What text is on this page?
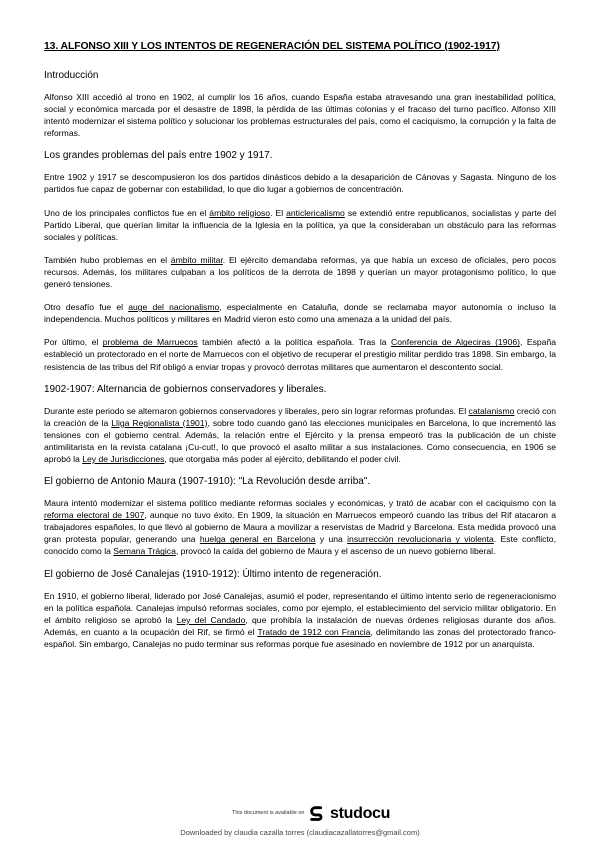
13. ALFONSO XIII Y LOS INTENTOS DE REGENERACIÓN DEL SISTEMA POLÍTICO (1902-1917)

Introducción

Alfonso XIII accedió al trono en 1902, al cumplir los 16 años, cuando España estaba atravesando una gran inestabilidad política, social y económica marcada por el desastre de 1898, la pérdida de las últimas colonias y el fracaso del turno pacífico. Alfonso XIII intentó modernizar el sistema político y solucionar los problemas estructurales del país, como el caciquismo, la corrupción y la falta de reformas.

Los grandes problemas del país entre 1902 y 1917.

Entre 1902 y 1917 se descompusieron los dos partidos dinásticos debido a la desaparición de Cánovas y Sagasta. Ninguno de los partidos fue capaz de gobernar con estabilidad, lo que dio lugar a gobiernos de concentración.

Uno de los principales conflictos fue en el ámbito religioso. El anticlericalismo se extendió entre republicanos, socialistas y parte del Partido Liberal, que querían limitar la influencia de la Iglesia en la política, ya que la consideraban un obstáculo para las reformas sociales y políticas.

También hubo problemas en el ámbito militar. El ejército demandaba reformas, ya que había un exceso de oficiales, pero pocos recursos. Además, los militares culpaban a los políticos de la derrota de 1898 y querían un mayor protagonismo político, lo que generó tensiones.

Otro desafío fue el auge del nacionalismo, especialmente en Cataluña, donde se reclamaba mayor autonomía o incluso la independencia. Muchos políticos y militares en Madrid vieron esto como una amenaza a la unidad del país.

Por último, el problema de Marruecos también afectó a la política española. Tras la Conferencia de Algeciras (1906), España estableció un protectorado en el norte de Marruecos con el objetivo de recuperar el prestigio militar perdido tras 1898. Sin embargo, la resistencia de las tribus del Rif obligó a enviar tropas y provocó derrotas militares que aumentaron el descontento social.

1902-1907: Alternancia de gobiernos conservadores y liberales.

Durante este periodo se alternaron gobiernos conservadores y liberales, pero sin lograr reformas profundas. El catalanismo creció con la creación de la Lliga Regionalista (1901), sobre todo cuando ganó las elecciones municipales en Barcelona, lo que incrementó las tensiones con el gobierno central. Además, la relación entre el Ejército y la prensa empeoró tras la publicación de un chiste antimilitarista en la revista catalana ¡Cu-cut!, lo que provocó el asalto militar a sus instalaciones. Como consecuencia, en 1906 se aprobó la Ley de Jurisdicciones, que otorgaba más poder al ejército, debilitando el poder civil.

El gobierno de Antonio Maura (1907-1910): "La Revolución desde arriba".

Maura intentó modernizar el sistema político mediante reformas sociales y económicas, y trató de acabar con el caciquismo con la reforma electoral de 1907, aunque no tuvo éxito. En 1909, la situación en Marruecos empeoró cuando las tribus del Rif atacaron a trabajadores españoles, lo que llevó al gobierno de Maura a movilizar a reservistas de Madrid y Barcelona. Esta medida provocó una gran protesta popular, generando una huelga general en Barcelona y una insurrección revolucionaria y violenta. Este conflicto, conocido como la Semana Trágica, provocó la caída del gobierno de Maura y el ascenso de un nuevo gobierno liberal.

El gobierno de José Canalejas (1910-1912): Último intento de regeneración.

En 1910, el gobierno liberal, liderado por José Canalejas, asumió el poder, representando el último intento serio de regeneracionismo en la política española. Canalejas impulsó reformas sociales, como por ejemplo, el establecimiento del servicio militar obligatorio. En el ámbito religioso se aprobó la Ley del Candado, que prohibía la instalación de nuevas órdenes religiosas durante dos años. Además, en cuanto a la ocupación del Rif, se firmó el Tratado de 1912 con Francia, delimitando las zonas del protectorado franco-español. Sin embargo, Canalejas no pudo terminar sus reformas porque fue asesinado en noviembre de 1912 por un anarquista.

This document is available on studocu
Downloaded by claudia cazalla torres (claudiacazallatorres@gmail.com)
